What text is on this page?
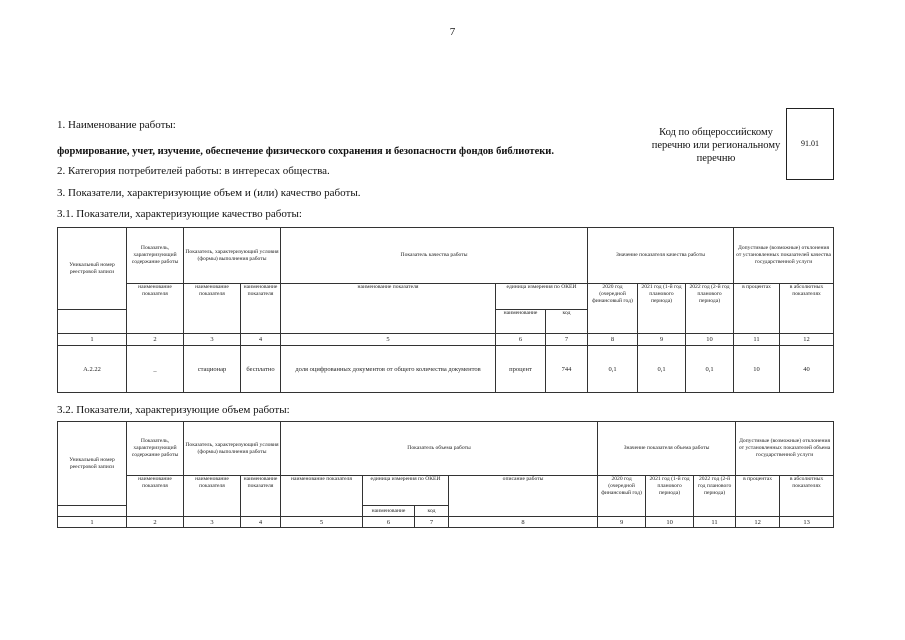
7
1. Наименование работы:
формирование, учет, изучение, обеспечение физического сохранения и безопасности фондов библиотеки.
2. Категория потребителей работы: в интересах общества.
3. Показатели, характеризующие объем и (или) качество работы.
Код по общероссийскому перечню или региональному перечню
91.01
3.1. Показатели, характеризующие качество работы:
Уникальный номер реестровой записи	Показатель, характеризующий содержание работы	Показатель, характеризующий условия (формы) выполнения работы		Показатель качества работы			Значение показателя качества работы			Допустимые (возможные) отклонения от установленных показателей качества государственной услуги	
	наименование показателя	наименование показателя	наименование показателя	наименование показателя	единица измерения по ОКЕИ		2020 год (очередной финансовый год)	2021 год (1-й год планового периода)	2022 год (2-й год планового периода)	в процентах	в абсолютных показателях
					наименование	код					
1	2	3	4	5	6	7	8	9	10	11	12
А.2.22	_	стационар	бесплатно	доля оцифрованных документов от общего количества документов	процент	744	0,1	0,1	0,1	10	40
3.2. Показатели, характеризующие объем работы:
Уникальный номер реестровой записи	Показатель, характеризующий содержание работы	Показатель, характеризующий условия (формы) выполнения работы		Показатель объема работы				Значение показателя объема работы			Допустимые (возможные) отклонения от установленных показателей объема государственной услуги	
	наименование показателя	наименование показателя	наименование показателя	наименование показателя	единица измерения по ОКЕИ		описание работы	2020 год (очередной финансовый год)	2021 год (1-й год планового периода)	2022 год (2-й год планового периода)	в процентах	в абсолютных показателях
					наименование	код						
1	2	3	4	5	6	7	8	9	10	11	12	13
